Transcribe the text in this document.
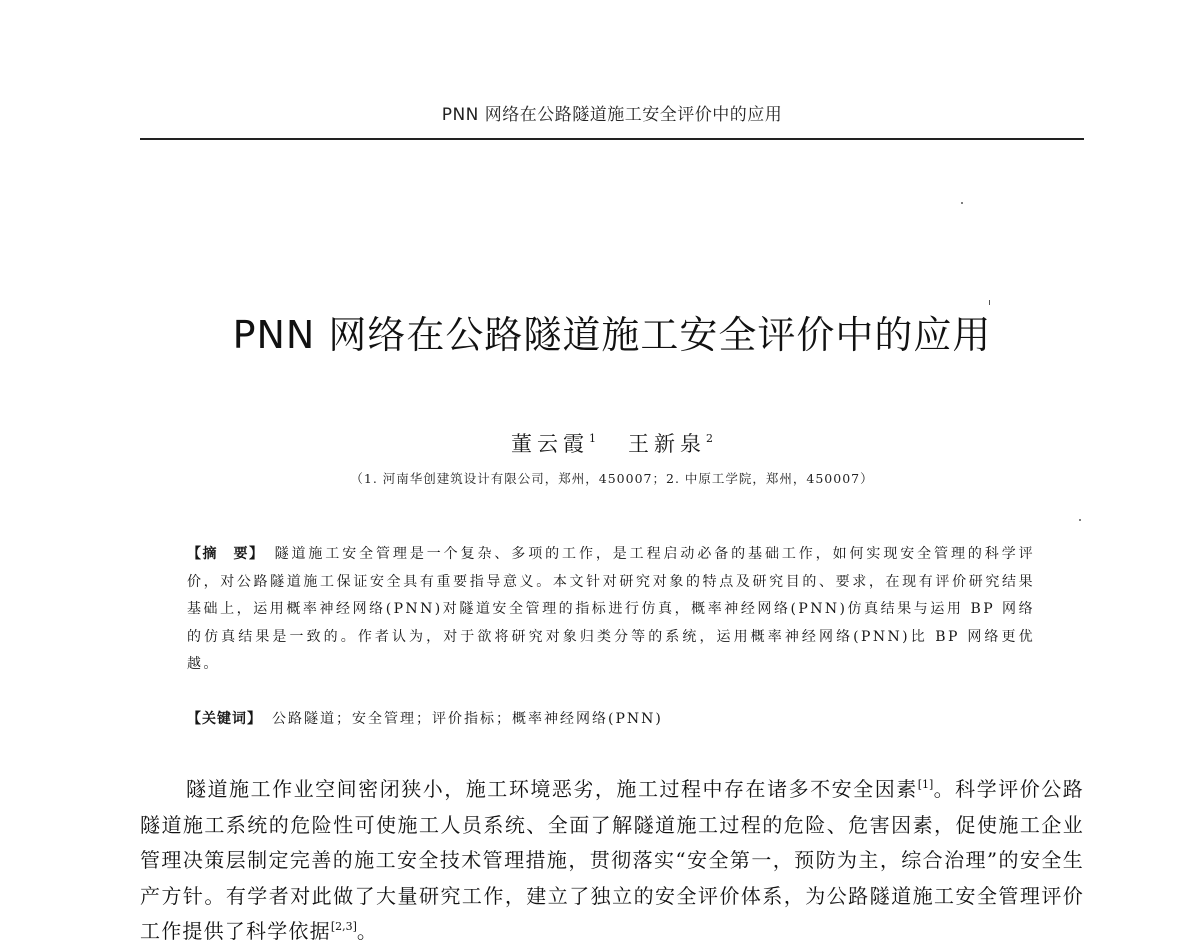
PNN 网络在公路隧道施工安全评价中的应用
PNN 网络在公路隧道施工安全评价中的应用
董云霞$^1$ 王新泉$^2$
（1. 河南华创建筑设计有限公司，郑州，450007；2. 中原工学院，郑州，450007）

【摘　要】 隧道施工安全管理是一个复杂、多项的工作，是工程启动必备的基础工作，如何实现安全管理的科学评价，对公路隧道施工保证安全具有重要指导意义。本文针对研究对象的特点及研究目的、要求，在现有评价研究结果基础上，运用概率神经网络(PNN)对隧道安全管理的指标进行仿真，概率神经网络(PNN)仿真结果与运用 BP 网络的仿真结果是一致的。作者认为，对于欲将研究对象归类分等的系统，运用概率神经网络(PNN)比 BP 网络更优越。

【关键词】 公路隧道；安全管理；评价指标；概率神经网络(PNN)

隧道施工作业空间密闭狭小，施工环境恶劣，施工过程中存在诸多不安全因素[1]。科学评价公路隧道施工系统的危险性可使施工人员系统、全面了解隧道施工过程的危险、危害因素，促使施工企业管理决策层制定完善的施工安全技术管理措施，贯彻落实“安全第一，预防为主，综合治理”的安全生产方针。有学者对此做了大量研究工作，建立了独立的安全评价体系，为公路隧道施工安全管理评价工作提供了科学依据[2,3]。
